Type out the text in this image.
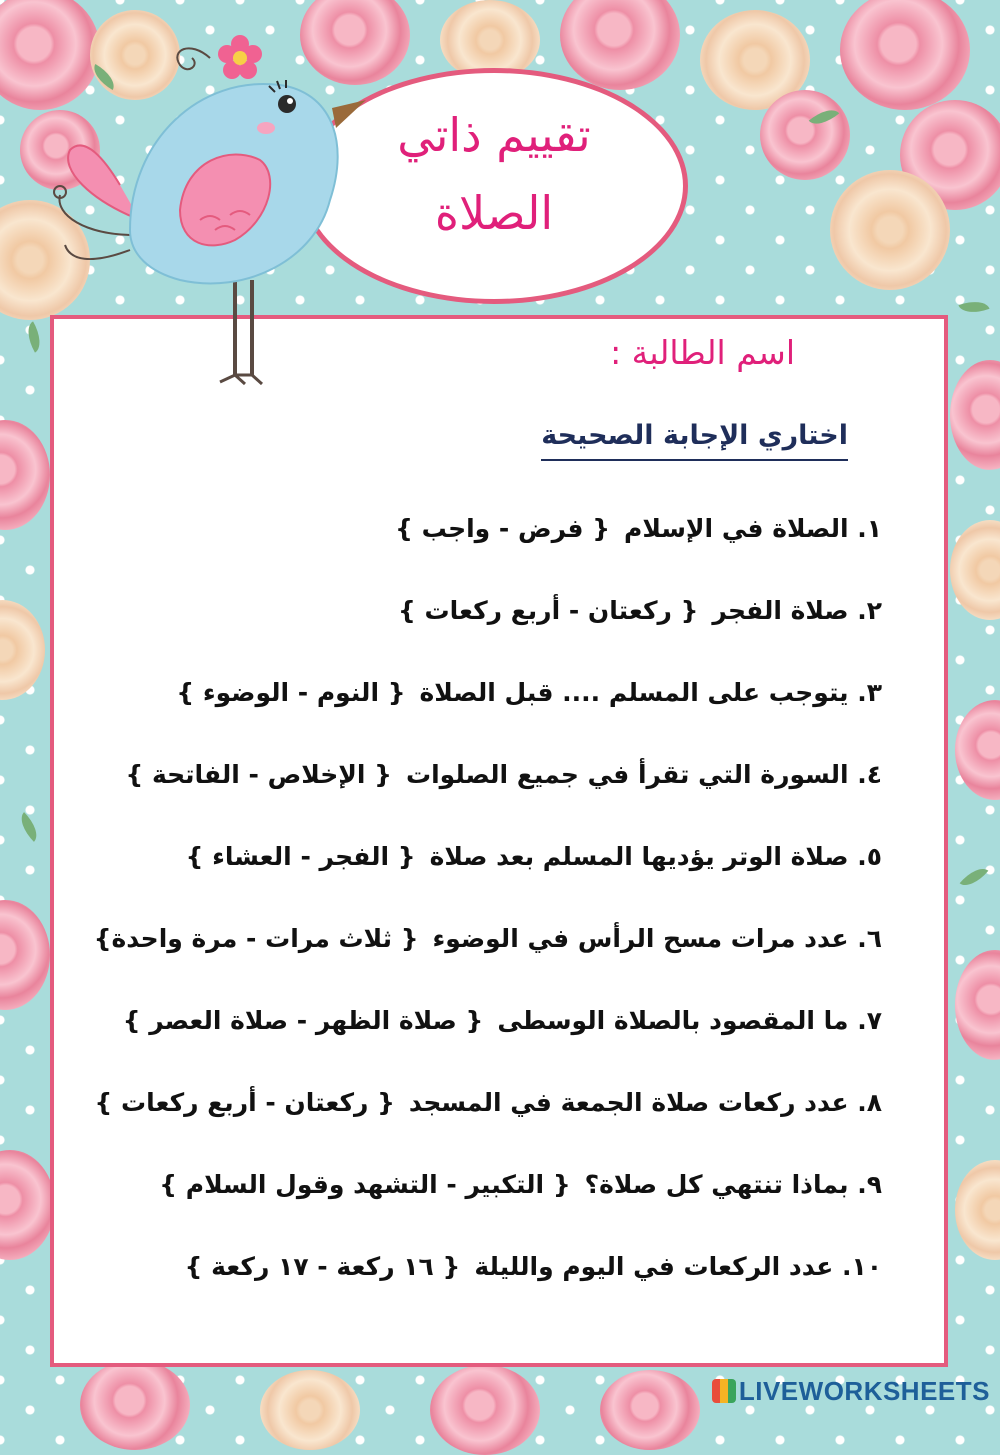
تقييم ذاتي
الصلاة
اسم الطالبة :
اختاري الإجابة الصحيحة
١. الصلاة في الإسلام{ فرض - واجب }
٢. صلاة الفجر{ ركعتان - أربع ركعات }
٣. يتوجب على المسلم .... قبل الصلاة{ النوم - الوضوء }
٤. السورة التي تقرأ في جميع الصلوات{ الإخلاص - الفاتحة }
٥. صلاة الوتر يؤديها المسلم بعد صلاة{ الفجر - العشاء }
٦. عدد مرات مسح الرأس في الوضوء{ ثلاث مرات - مرة واحدة}
٧. ما المقصود بالصلاة الوسطى{ صلاة الظهر - صلاة العصر }
٨. عدد ركعات صلاة الجمعة في المسجد{ ركعتان - أربع ركعات }
٩. بماذا تنتهي كل صلاة؟{ التكبير - التشهد وقول السلام }
١٠. عدد الركعات في اليوم والليلة{ ١٦ ركعة - ١٧ ركعة }
LIVEWORKSHEETS
